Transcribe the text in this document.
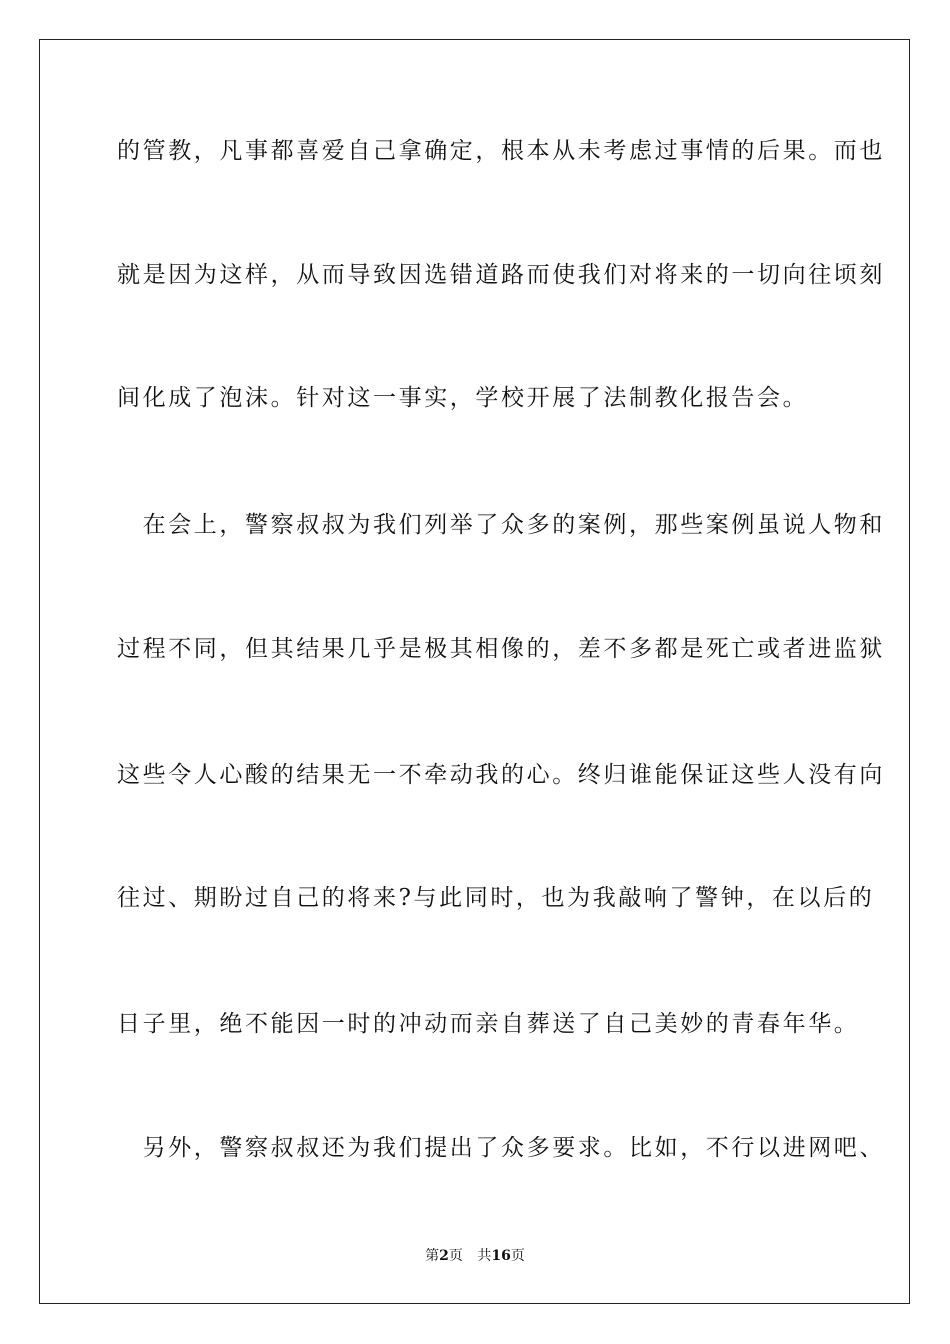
的管教，凡事都喜爱自己拿确定，根本从未考虑过事情的后果。而也
就是因为这样，从而导致因选错道路而使我们对将来的一切向往顷刻
间化成了泡沫。针对这一事实，学校开展了法制教化报告会。
　在会上，警察叔叔为我们列举了众多的案例，那些案例虽说人物和
过程不同，但其结果几乎是极其相像的，差不多都是死亡或者进监狱
这些令人心酸的结果无一不牵动我的心。终归谁能保证这些人没有向
往过、期盼过自己的将来?与此同时，也为我敲响了警钟，在以后的
日子里，绝不能因一时的冲动而亲自葬送了自己美妙的青春年华。
　另外，警察叔叔还为我们提出了众多要求。比如，不行以进网吧、
第2页 共16页
